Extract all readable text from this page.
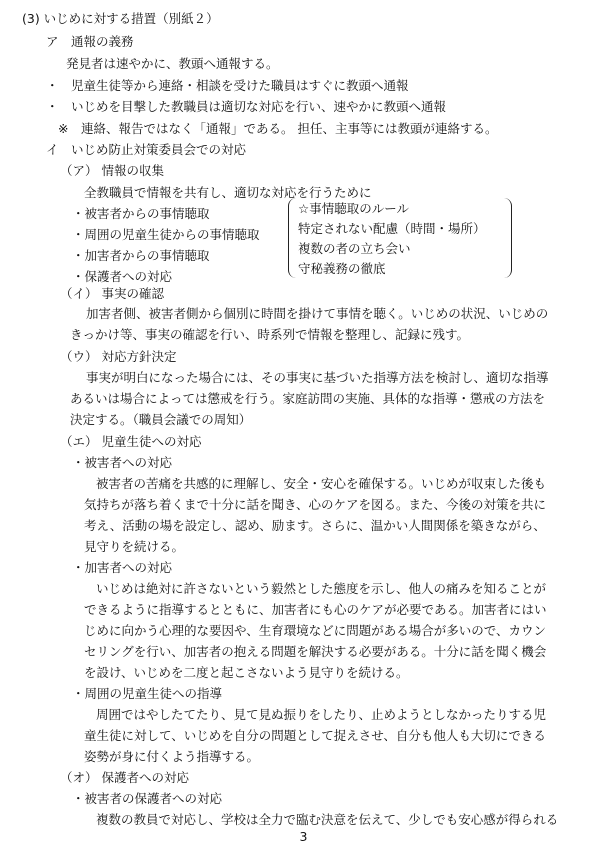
(3) いじめに対する措置（別紙２）
ア　通報の義務
発見者は速やかに、教頭へ通報する。
・　児童生徒等から連絡・相談を受けた職員はすぐに教頭へ通報
・　いじめを目撃した教職員は適切な対応を行い、速やかに教頭へ通報
※　連絡、報告ではなく「通報」である。 担任、主事等には教頭が連絡する。
イ　いじめ防止対策委員会での対応
（ア） 情報の収集
全教職員で情報を共有し、適切な対応を行うために
・被害者からの事情聴取
・周囲の児童生徒からの事情聴取
・加害者からの事情聴取
・保護者への対応
☆事情聴取のルール
特定されない配慮（時間・場所）
複数の者の立ち会い
守秘義務の徹底
（イ） 事実の確認
加害者側、被害者側から個別に時間を掛けて事情を聴く。いじめの状況、いじめの
きっかけ等、事実の確認を行い、時系列で情報を整理し、記録に残す。
（ウ） 対応方針決定
事実が明白になった場合には、その事実に基づいた指導方法を検討し、適切な指導
あるいは場合によっては懲戒を行う。家庭訪問の実施、具体的な指導・懲戒の方法を
決定する。（職員会議での周知）
（エ） 児童生徒への対応
・被害者への対応
被害者の苦痛を共感的に理解し、安全・安心を確保する。いじめが収束した後も
気持ちが落ち着くまで十分に話を聞き、心のケアを図る。また、今後の対策を共に
考え、活動の場を設定し、認め、励ます。さらに、温かい人間関係を築きながら、
見守りを続ける。
・加害者への対応
いじめは絶対に許さないという毅然とした態度を示し、他人の痛みを知ることが
できるように指導するとともに、加害者にも心のケアが必要である。加害者にはい
じめに向かう心理的な要因や、生育環境などに問題がある場合が多いので、カウン
セリングを行い、加害者の抱える問題を解決する必要がある。十分に話を聞く機会
を設け、いじめを二度と起こさないよう見守りを続ける。
・周囲の児童生徒への指導
周囲ではやしたてたり、見て見ぬ振りをしたり、止めようとしなかったりする児
童生徒に対して、いじめを自分の問題として捉えさせ、自分も他人も大切にできる
姿勢が身に付くよう指導する。
（オ） 保護者への対応
・被害者の保護者への対応
複数の教員で対応し、学校は全力で臨む決意を伝えて、少しでも安心感が得られる
3
